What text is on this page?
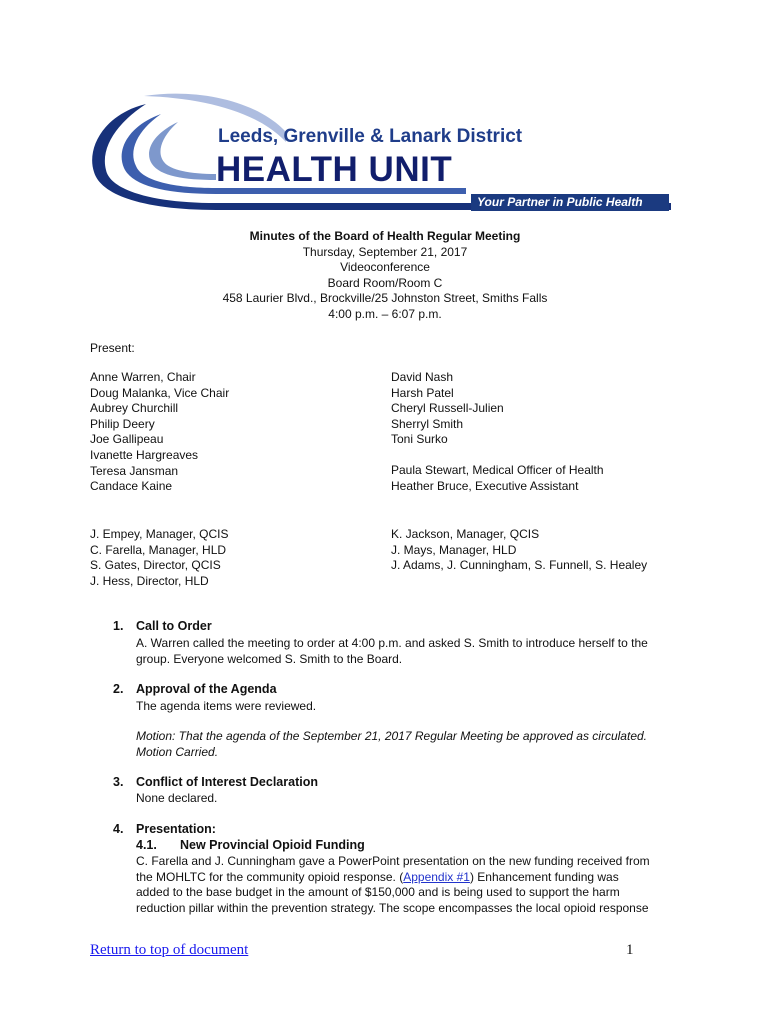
Leeds, Grenville & Lanark District
HEALTH UNIT
Your Partner in Public Health
Minutes of the Board of Health Regular Meeting
Thursday, September 21, 2017
Videoconference
Board Room/Room C
458 Laurier Blvd., Brockville/25 Johnston Street, Smiths Falls
4:00 p.m. – 6:07 p.m.
Present:
Anne Warren, Chair
Doug Malanka, Vice Chair
Aubrey Churchill
Philip Deery
Joe Gallipeau
Ivanette Hargreaves
Teresa Jansman
Candace Kaine
David Nash
Harsh Patel
Cheryl Russell-Julien
Sherryl Smith
Toni Surko
Paula Stewart, Medical Officer of Health
Heather Bruce, Executive Assistant
J. Empey, Manager, QCIS
C. Farella, Manager, HLD
S. Gates, Director, QCIS
J. Hess, Director, HLD
K. Jackson, Manager, QCIS
J. Mays, Manager, HLD
J. Adams, J. Cunningham, S. Funnell, S. Healey
1. Call to Order
A. Warren called the meeting to order at 4:00 p.m. and asked S. Smith to introduce herself to the
group. Everyone welcomed S. Smith to the Board.
2. Approval of the Agenda
The agenda items were reviewed.
Motion: That the agenda of the September 21, 2017 Regular Meeting be approved as circulated.
Motion Carried.
3. Conflict of Interest Declaration
None declared.
4. Presentation:
4.1. New Provincial Opioid Funding
C. Farella and J. Cunningham gave a PowerPoint presentation on the new funding received from
the MOHLTC for the community opioid response. (Appendix #1) Enhancement funding was
added to the base budget in the amount of $150,000 and is being used to support the harm
reduction pillar within the prevention strategy. The scope encompasses the local opioid response
Return to top of document	1
